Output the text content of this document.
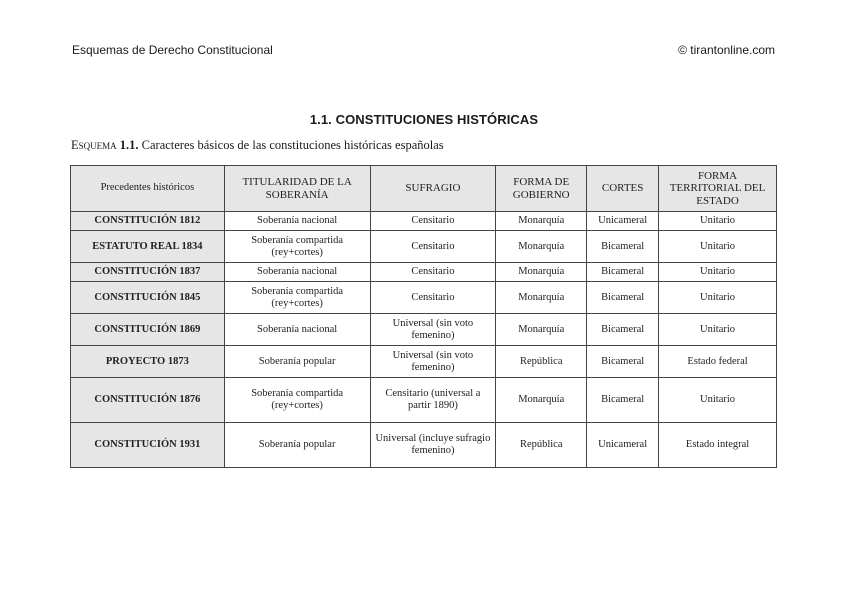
Esquemas de Derecho Constitucional	© tirantonline.com
1.1. CONSTITUCIONES HISTÓRICAS
Esquema 1.1. Caracteres básicos de las constituciones históricas españolas
Precedentes históricos	TITULARIDAD DE LA SOBERANÍA	SUFRAGIO	FORMA DE GOBIERNO	CORTES	FORMA TERRITORIAL DEL ESTADO
CONSTITUCIÓN 1812	Soberanía nacional	Censitario	Monarquía	Unicameral	Unitario
ESTATUTO REAL 1834	Soberanía compartida (rey+cortes)	Censitario	Monarquía	Bicameral	Unitario
CONSTITUCIÓN 1837	Soberanía nacional	Censitario	Monarquía	Bicameral	Unitario
CONSTITUCIÓN 1845	Soberanía compartida (rey+cortes)	Censitario	Monarquía	Bicameral	Unitario
CONSTITUCIÓN 1869	Soberanía nacional	Universal (sin voto femenino)	Monarquía	Bicameral	Unitario
PROYECTO 1873	Soberanía popular	Universal (sin voto femenino)	República	Bicameral	Estado federal
CONSTITUCIÓN 1876	Soberanía compartida (rey+cortes)	Censitario (universal a partir 1890)	Monarquía	Bicameral	Unitario
CONSTITUCIÓN 1931	Soberanía popular	Universal (incluye sufragio femenino)	República	Unicameral	Estado integral
